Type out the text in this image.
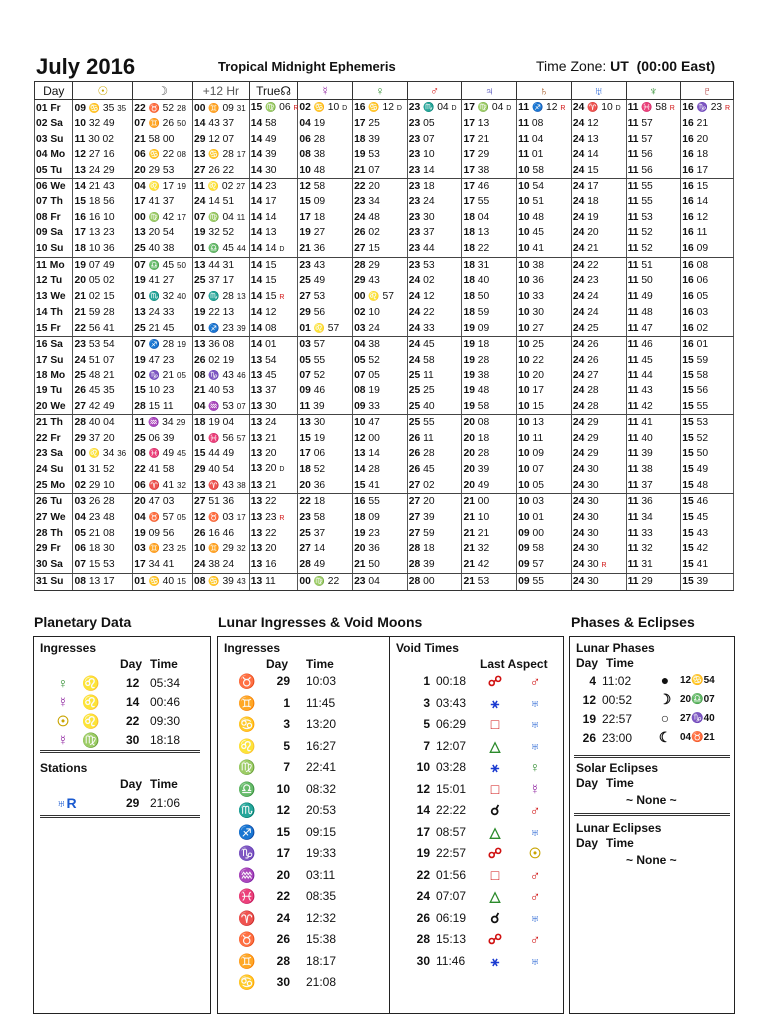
July 2016	Tropical Midnight Ephemeris	Time Zone: UT (00:00 East)
Day	☉	☽	+12 Hr	True☊	☿	♀	♂	♃	♄	♅	♆	♇
01 Fr	09 ♋ 35 35	22 ♉ 52 28	00 ♊ 09 31	15 ♍ 06 R	02 ♋ 10 D	16 ♋ 12 D	23 ♏ 04 D	17 ♍ 04 D	11 ♐ 12 R	24 ♈ 10 D	11 ♓ 58 R	16 ♑ 23 R
02 Sa	10 32 49	07 ♊ 26 50	14 43 37	14 58	04 19	17 25	23 05	17 13	11 08	24 12	11 57	16 21
03 Su	11 30 02	21 58 00	29 12 07	14 49	06 28	18 39	23 07	17 21	11 04	24 13	11 57	16 20
04 Mo	12 27 16	06 ♋ 22 08	13 ♋ 28 17	14 39	08 38	19 53	23 10	17 29	11 01	24 14	11 56	16 18
05 Tu	13 24 29	20 29 53	27 26 22	14 30	10 48	21 07	23 14	17 38	10 58	24 15	11 56	16 17
06 We	14 21 43	04 ♌ 17 19	11 ♌ 02 27	14 23	12 58	22 20	23 18	17 46	10 54	24 17	11 55	16 15
07 Th	15 18 56	17 41 37	24 14 51	14 17	15 09	23 34	23 24	17 55	10 51	24 18	11 55	16 14
08 Fr	16 16 10	00 ♍ 42 17	07 ♍ 04 11	14 14	17 18	24 48	23 30	18 04	10 48	24 19	11 53	16 12
09 Sa	17 13 23	13 20 54	19 32 52	14 13	19 27	26 02	23 37	18 13	10 45	24 20	11 52	16 11
10 Su	18 10 36	25 40 38	01 ♎ 45 44	14 14 D	21 36	27 15	23 44	18 22	10 41	24 21	11 52	16 09
11 Mo	19 07 49	07 ♎ 45 50	13 44 31	14 15	23 43	28 29	23 53	18 31	10 38	24 22	11 51	16 08
12 Tu	20 05 02	19 41 27	25 37 17	14 15	25 49	29 43	24 02	18 40	10 36	24 23	11 50	16 06
13 We	21 02 15	01 ♏ 32 40	07 ♏ 28 13	14 15 R	27 53	00 ♌ 57	24 12	18 50	10 33	24 24	11 49	16 05
14 Th	21 59 28	13 24 33	19 22 13	14 12	29 56	02 10	24 22	18 59	10 30	24 24	11 48	16 03
15 Fr	22 56 41	25 21 45	01 ♐ 23 39	14 08	01 ♌ 57	03 24	24 33	19 09	10 27	24 25	11 47	16 02
16 Sa	23 53 54	07 ♐ 28 19	13 36 08	14 01	03 57	04 38	24 45	19 18	10 25	24 26	11 46	16 01
17 Su	24 51 07	19 47 23	26 02 19	13 54	05 55	05 52	24 58	19 28	10 22	24 26	11 45	15 59
18 Mo	25 48 21	02 ♑ 21 05	08 ♑ 43 46	13 45	07 52	07 05	25 11	19 38	10 20	24 27	11 44	15 58
19 Tu	26 45 35	15 10 23	21 40 53	13 37	09 46	08 19	25 25	19 48	10 17	24 28	11 43	15 56
20 We	27 42 49	28 15 11	04 ♒ 53 07	13 30	11 39	09 33	25 40	19 58	10 15	24 28	11 42	15 55
21 Th	28 40 04	11 ♒ 34 29	18 19 04	13 24	13 30	10 47	25 55	20 08	10 13	24 29	11 41	15 53
22 Fr	29 37 20	25 06 39	01 ♓ 56 57	13 21	15 19	12 00	26 11	20 18	10 11	24 29	11 40	15 52
23 Sa	00 ♌ 34 36	08 ♓ 49 45	15 44 49	13 20	17 06	13 14	26 28	20 28	10 09	24 29	11 39	15 50
24 Su	01 31 52	22 41 58	29 40 54	13 20 D	18 52	14 28	26 45	20 39	10 07	24 30	11 38	15 49
25 Mo	02 29 10	06 ♈ 41 32	13 ♈ 43 38	13 21	20 36	15 41	27 02	20 49	10 05	24 30	11 37	15 48
26 Tu	03 26 28	20 47 03	27 51 36	13 22	22 18	16 55	27 20	21 00	10 03	24 30	11 36	15 46
27 We	04 23 48	04 ♉ 57 05	12 ♉ 03 17	13 23 R	23 58	18 09	27 39	21 10	10 01	24 30	11 34	15 45
28 Th	05 21 08	19 09 56	26 16 46	13 22	25 37	19 23	27 59	21 21	09 00	24 30	11 33	15 43
29 Fr	06 18 30	03 ♊ 23 25	10 ♊ 29 32	13 20	27 14	20 36	28 18	21 32	09 58	24 30	11 32	15 42
30 Sa	07 15 53	17 34 41	24 38 24	13 16	28 49	21 50	28 39	21 42	09 57	24 30 R	11 31	15 41
31 Su	08 13 17	01 ♋ 40 15	08 ♋ 39 43	13 11	00 ♍ 22	23 04	28 00	21 53	09 55	24 30	11 29	15 39
Planetary Data
Ingresses
Day Time
♀ ♌ 12 05:34
☿ ♌ 14 00:46
☉ ♌ 22 09:30
☿ ♍ 30 18:18
Stations
Day Time
♅R	29 21:06
Lunar Ingresses & Void Moons
Ingresses
Day Time
♉	29 10:03
♊	1 11:45
♋	3 13:20
♌	5 16:27
♍	7 22:41
♎	10 08:32
♏	12 20:53
♐	15 09:15
♑	17 19:33
♒	20 03:11
♓	22 08:35
♈	24 12:32
♉	26 15:38
♊	28 18:17
♋	30 21:08
Void Times
Last Aspect
1 00:18 ☍ ♂
3 03:43	⚹	♅
5 06:29	□	♅
7 12:07 △ ♅
10 03:28	⚹	♀
12 15:01	□	☿
14 22:22	☌	♂
17 08:57 △ ♅
19 22:57 ☍ ☉
22 01:56	□	♂
24 07:07 △ ♂
26 06:19	☌	♅
28 15:13 ☍ ♂
30 11:46	⚹	♅
Phases & Eclipses
Lunar Phases
Day Time
4 11:02	●	12♋54
12 00:52 ☽ 20♎07
19 22:57	○	27♑40
26 23:00 ☾ 04♉21
Solar Eclipses
Day Time
~ None ~
Lunar Eclipses
Day Time
~ None ~
